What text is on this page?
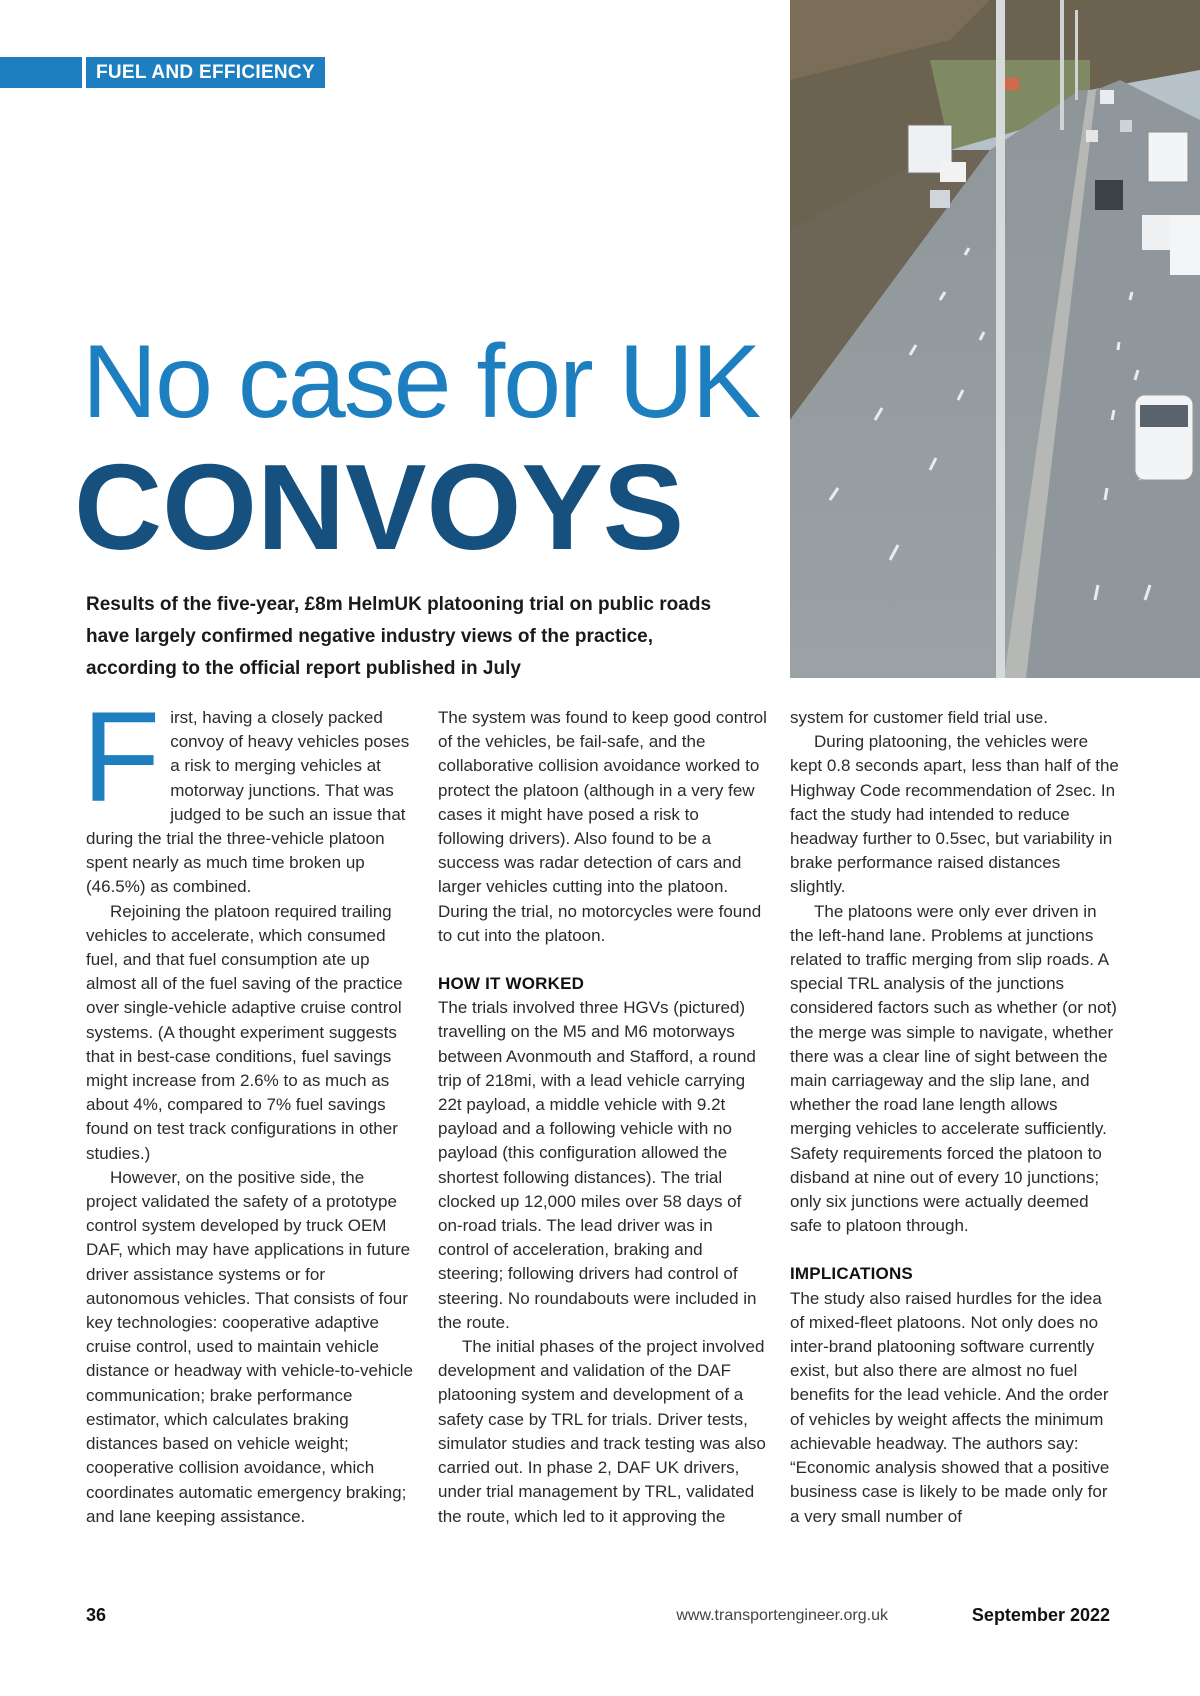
FUEL AND EFFICIENCY
No case for UK
CONVOYS
Results of the five-year, £8m HelmUK platooning trial on public roads have largely confirmed negative industry views of the practice, according to the official report published in July

First, having a closely packed convoy of heavy vehicles poses a risk to merging vehicles at motorway junctions. That was judged to be such an issue that during the trial the three-vehicle platoon spent nearly as much time broken up (46.5%) as combined.

Rejoining the platoon required trailing vehicles to accelerate, which consumed fuel, and that fuel consumption ate up almost all of the fuel saving of the practice over single-vehicle adaptive cruise control systems. (A thought experiment suggests that in best-case conditions, fuel savings might increase from 2.6% to as much as about 4%, compared to 7% fuel savings found on test track configurations in other studies.)

However, on the positive side, the project validated the safety of a prototype control system developed by truck OEM DAF, which may have applications in future driver assistance systems or for autonomous vehicles. That consists of four key technologies: cooperative adaptive cruise control, used to maintain vehicle distance or headway with vehicle-to-vehicle communication; brake performance estimator, which calculates braking distances based on vehicle weight; cooperative collision avoidance, which coordinates automatic emergency braking; and lane keeping assistance.

The system was found to keep good control of the vehicles, be fail-safe, and the collaborative collision avoidance worked to protect the platoon (although in a very few cases it might have posed a risk to following drivers). Also found to be a success was radar detection of cars and larger vehicles cutting into the platoon. During the trial, no motorcycles were found to cut into the platoon.

HOW IT WORKED

The trials involved three HGVs (pictured) travelling on the M5 and M6 motorways between Avonmouth and Stafford, a round trip of 218mi, with a lead vehicle carrying 22t payload, a middle vehicle with 9.2t payload and a following vehicle with no payload (this configuration allowed the shortest following distances). The trial clocked up 12,000 miles over 58 days of on-road trials. The lead driver was in control of acceleration, braking and steering; following drivers had control of steering. No roundabouts were included in the route.

The initial phases of the project involved development and validation of the DAF platooning system and development of a safety case by TRL for trials. Driver tests, simulator studies and track testing was also carried out. In phase 2, DAF UK drivers, under trial management by TRL, validated the route, which led to it approving the

system for customer field trial use.

During platooning, the vehicles were kept 0.8 seconds apart, less than half of the Highway Code recommendation of 2sec. In fact the study had intended to reduce headway further to 0.5sec, but variability in brake performance raised distances slightly.

The platoons were only ever driven in the left-hand lane. Problems at junctions related to traffic merging from slip roads. A special TRL analysis of the junctions considered factors such as whether (or not) the merge was simple to navigate, whether there was a clear line of sight between the main carriageway and the slip lane, and whether the road lane length allows merging vehicles to accelerate sufficiently. Safety requirements forced the platoon to disband at nine out of every 10 junctions; only six junctions were actually deemed safe to platoon through.

IMPLICATIONS

The study also raised hurdles for the idea of mixed-fleet platoons. Not only does no inter-brand platooning software currently exist, but also there are almost no fuel benefits for the lead vehicle. And the order of vehicles by weight affects the minimum achievable headway. The authors say: “Economic analysis showed that a positive business case is likely to be made only for a very small number of

36	www.transportengineer.org.uk	September 2022
